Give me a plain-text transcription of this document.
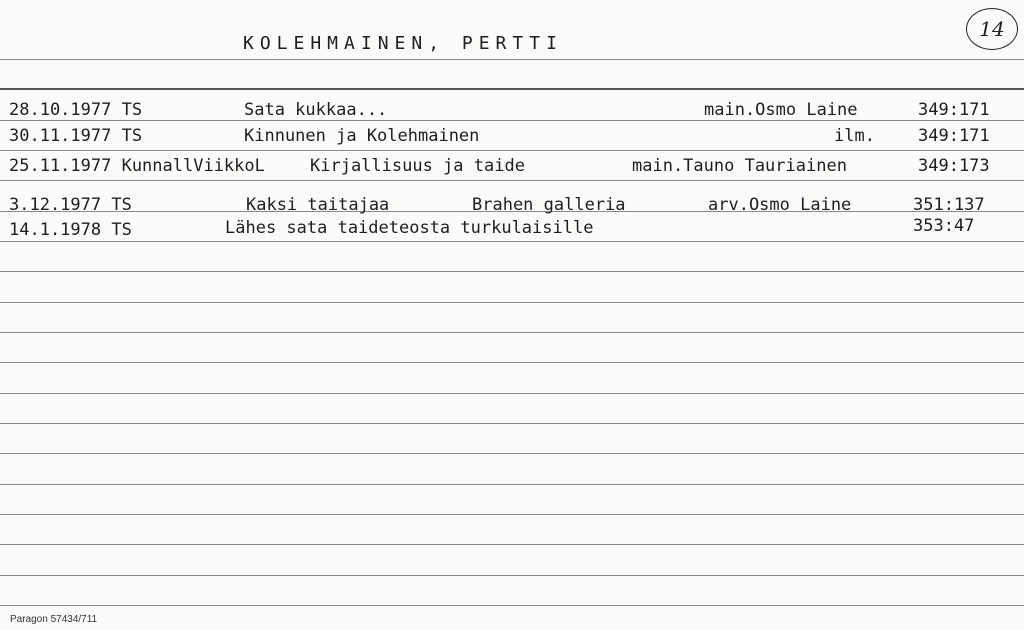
KOLEHMAINEN, PERTTI
14
28.10.1977 TS	Sata kukkaa...	main.Osmo Laine	349:171
30.11.1977 TS	Kinnunen ja Kolehmainen	ilm.	349:171
25.11.1977 KunnallViikkoL	Kirjallisuus ja taide	main.Tauno Tauriainen	349:173
3.12.1977 TS	Kaksi taitajaa	Brahen galleria	arv.Osmo Laine	351:137
14.1.1978 TS	Lähes sata taideteosta turkulaisille	353:47
Paragon 57434/711
